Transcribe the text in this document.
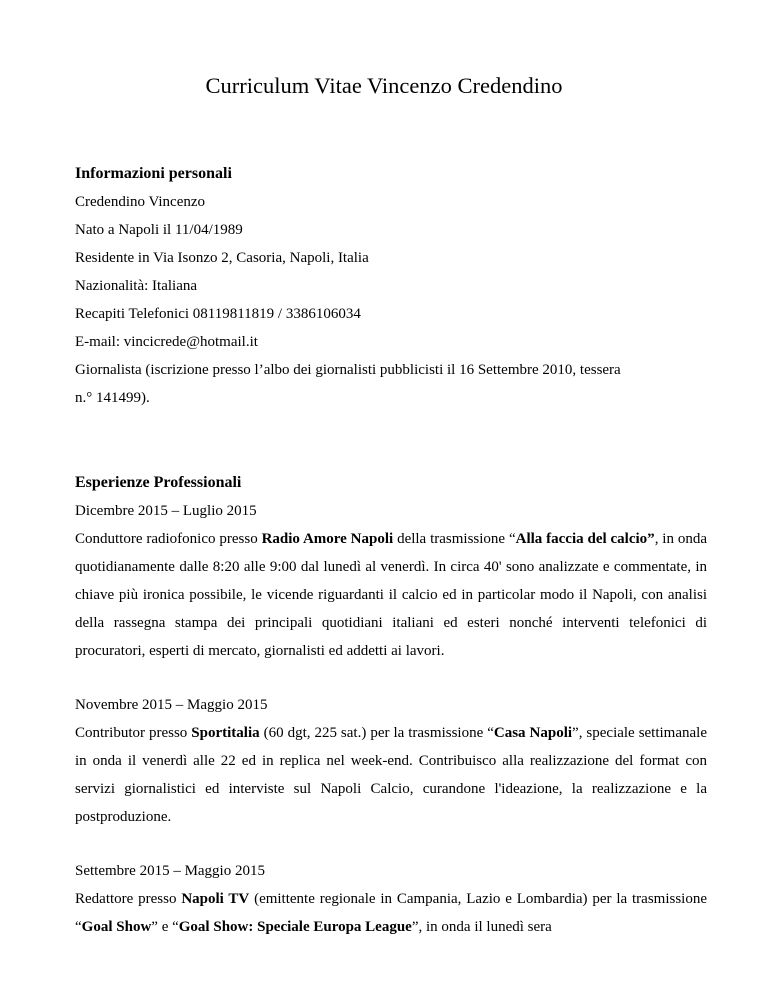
Curriculum Vitae Vincenzo Credendino
Informazioni personali

Credendino Vincenzo

Nato a Napoli il 11/04/1989

Residente in Via Isonzo 2, Casoria, Napoli, Italia

Nazionalità: Italiana

Recapiti Telefonici 08119811819 / 3386106034

E-mail: vincicrede@hotmail.it

Giornalista (iscrizione presso l’albo dei giornalisti pubblicisti il 16 Settembre 2010, tessera

n.° 141499).

Esperienze Professionali

Dicembre 2015 – Luglio 2015

Conduttore radiofonico presso Radio Amore Napoli della trasmissione “Alla faccia del calcio”, in onda quotidianamente dalle 8:20 alle 9:00 dal lunedì al venerdì. In circa 40' sono analizzate e commentate, in chiave più ironica possibile, le vicende riguardanti il calcio ed in particolar modo il Napoli, con analisi della rassegna stampa dei principali quotidiani italiani ed esteri nonché interventi telefonici di procuratori, esperti di mercato, giornalisti ed addetti ai lavori.

Novembre 2015 – Maggio 2015

Contributor presso Sportitalia (60 dgt, 225 sat.) per la trasmissione “Casa Napoli”, speciale settimanale in onda il venerdì alle 22 ed in replica nel week-end. Contribuisco alla realizzazione del format con servizi giornalistici ed interviste sul Napoli Calcio, curandone l'ideazione, la realizzazione e la postproduzione.

Settembre 2015 – Maggio 2015

Redattore presso Napoli TV (emittente regionale in Campania, Lazio e Lombardia) per la trasmissione “Goal Show” e “Goal Show: Speciale Europa League”, in onda il lunedì sera
